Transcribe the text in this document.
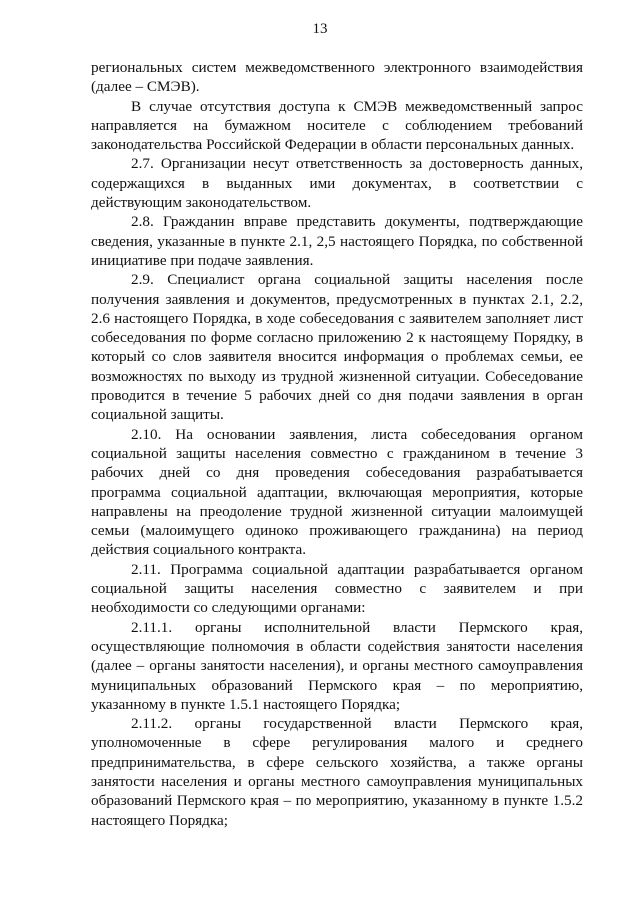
13

региональных систем межведомственного электронного взаимодействия (далее – СМЭВ).

В случае отсутствия доступа к СМЭВ межведомственный запрос направляется на бумажном носителе с соблюдением требований законодательства Российской Федерации в области персональных данных.

2.7. Организации несут ответственность за достоверность данных, содержащихся в выданных ими документах, в соответствии с действующим законодательством.

2.8. Гражданин вправе представить документы, подтверждающие сведения, указанные в пункте 2.1, 2,5 настоящего Порядка, по собственной инициативе при подаче заявления.

2.9. Специалист органа социальной защиты населения после получения заявления и документов, предусмотренных в пунктах 2.1, 2.2, 2.6 настоящего Порядка, в ходе собеседования с заявителем заполняет лист собеседования по форме согласно приложению 2 к настоящему Порядку, в который со слов заявителя вносится информация о проблемах семьи, ее возможностях по выходу из трудной жизненной ситуации. Собеседование проводится в течение 5 рабочих дней со дня подачи заявления в орган социальной защиты.

2.10. На основании заявления, листа собеседования органом социальной защиты населения совместно с гражданином в течение 3 рабочих дней со дня проведения собеседования разрабатывается программа социальной адаптации, включающая мероприятия, которые направлены на преодоление трудной жизненной ситуации малоимущей семьи (малоимущего одиноко проживающего гражданина) на период действия социального контракта.

2.11. Программа социальной адаптации разрабатывается органом социальной защиты населения совместно с заявителем и при необходимости со следующими органами:

2.11.1. органы исполнительной власти Пермского края, осуществляющие полномочия в области содействия занятости населения (далее – органы занятости населения), и органы местного самоуправления муниципальных образований Пермского края – по мероприятию, указанному в пункте 1.5.1 настоящего Порядка;

2.11.2. органы государственной власти Пермского края, уполномоченные в сфере регулирования малого и среднего предпринимательства, в сфере сельского хозяйства, а также органы занятости населения и органы местного самоуправления муниципальных образований Пермского края – по мероприятию, указанному в пункте 1.5.2 настоящего Порядка;
